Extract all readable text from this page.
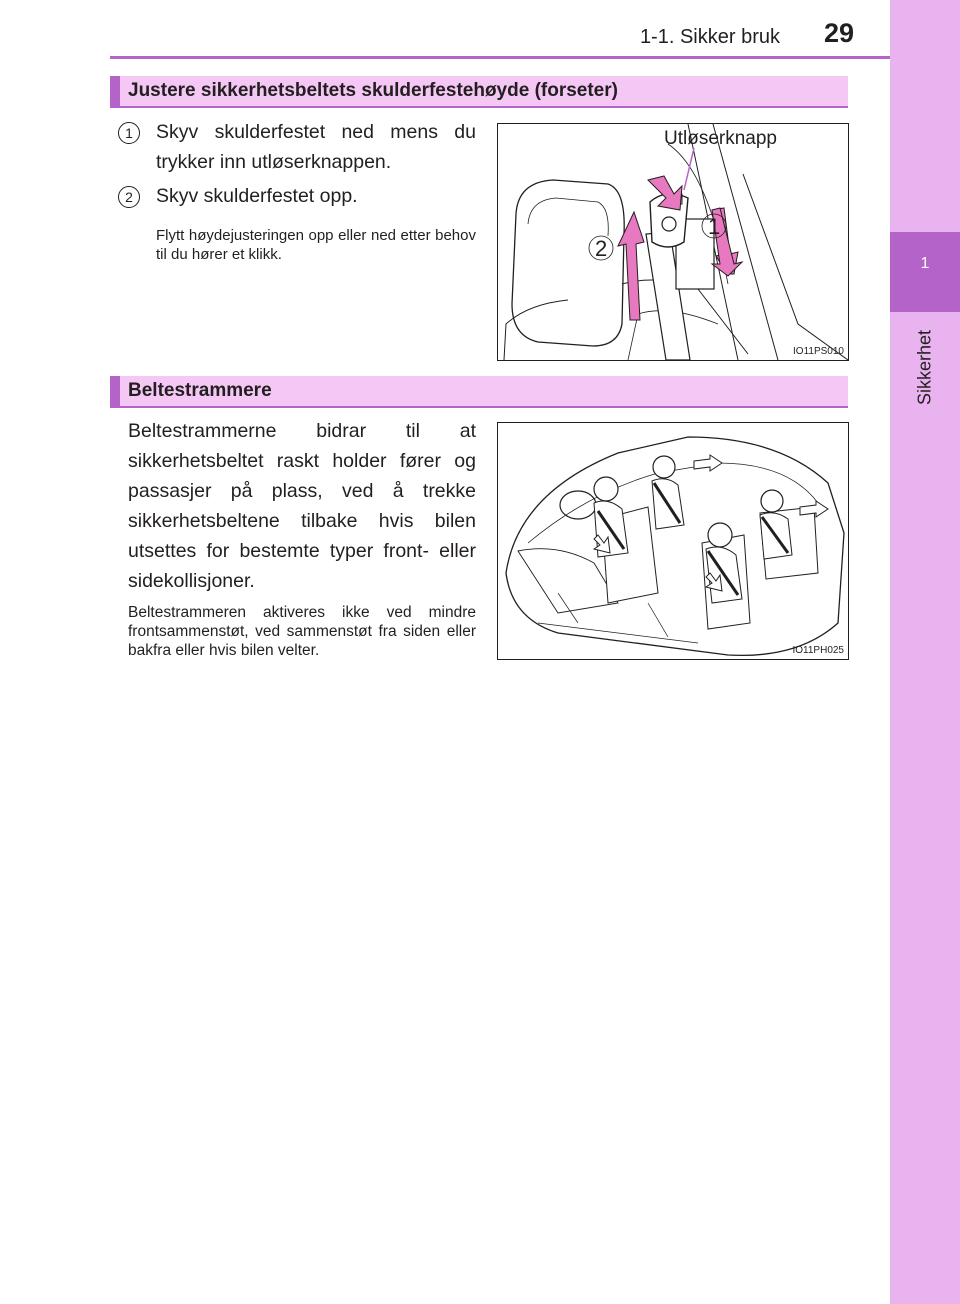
1
Sikkerhet
1-1. Sikker bruk	29
Justere sikkerhetsbeltets skulderfestehøyde (forseter)
1	Skyv skulderfestet ned mens du trykker inn utløserknappen.
2	Skyv skulderfestet opp.
Flytt høydejusteringen opp eller ned etter behov til du hører et klikk.
1
2
Utløserknapp
IO11PS010
Beltestrammere
Beltestrammerne bidrar til at sikkerhetsbeltet raskt holder fører og passasjer på plass, ved å trekke sikkerhetsbeltene tilbake hvis bilen utsettes for bestemte typer front- eller sidekollisjoner.
Beltestrammeren aktiveres ikke ved mindre frontsammenstøt, ved sammenstøt fra siden eller bakfra eller hvis bilen velter.	IO11PH025
